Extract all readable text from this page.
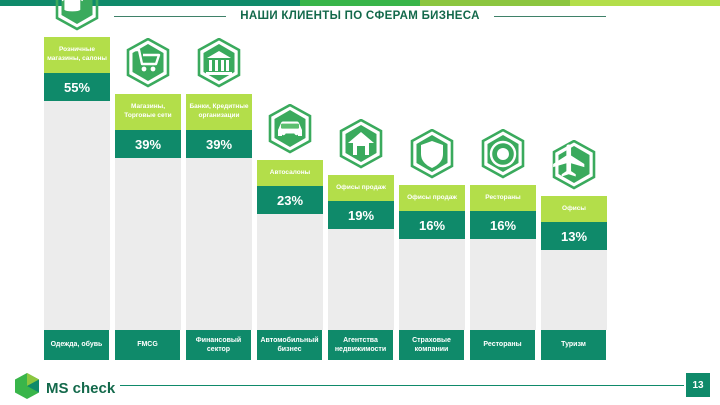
НАШИ КЛИЕНТЫ ПО СФЕРАМ БИЗНЕСА
55%
Розничные магазины, салоны
39%
Магазины, Торговые сети
39%
Банки, Кредитные организации
23%
Автосалоны
19%
Офисы продаж
16%
Офисы продаж
16%
Рестораны
13%
Офисы
Одежда, обувь	FMCG
Финансовый сектор
Автомобильный бизнес
Агентства недвижимости
Страховые компании
Рестораны	Туризм
MS check	13
